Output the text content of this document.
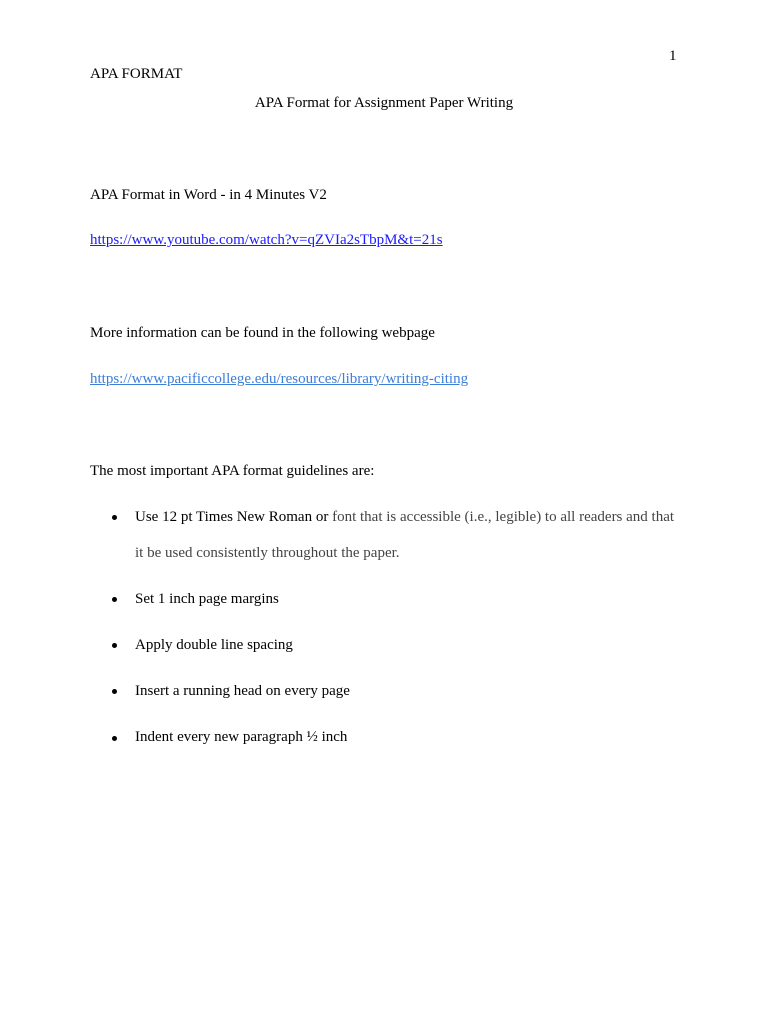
1
APA FORMAT
APA Format for Assignment Paper Writing
APA Format in Word - in 4 Minutes V2
https://www.youtube.com/watch?v=qZVIa2sTbpM&t=21s
More information can be found in the following webpage
https://www.pacificcollege.edu/resources/library/writing-citing
The most important APA format guidelines are:
Use 12 pt Times New Roman or font that is accessible (i.e., legible) to all readers and that
it be used consistently throughout the paper.
Set 1 inch page margins
Apply double line spacing
Insert a running head on every page
Indent every new paragraph ½ inch
